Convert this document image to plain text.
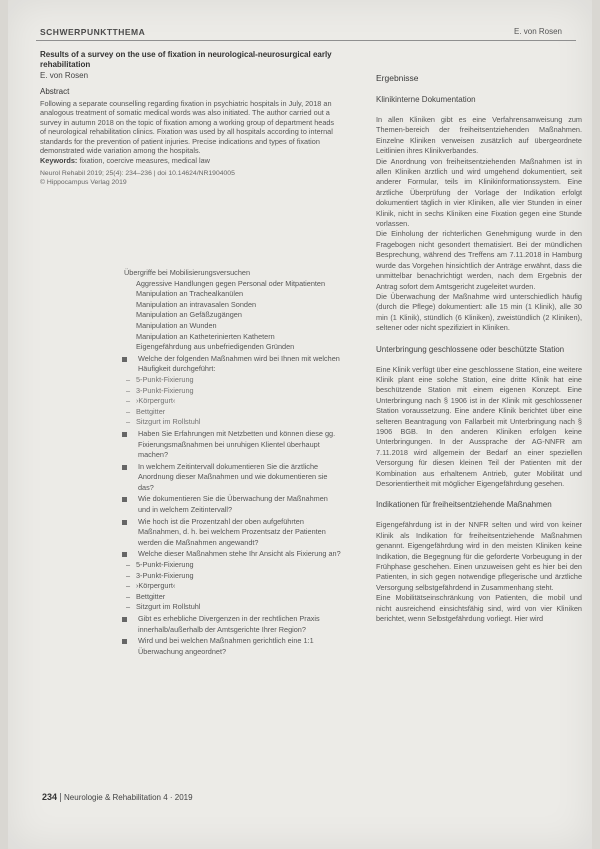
SCHWERPUNKTTHEMA	E. von Rosen
Results of a survey on the use of fixation in neurological-neurosurgical early rehabilitation
E. von Rosen
Abstract
Following a separate counselling regarding fixation in psychiatric hospitals in July, 2018 an analogous treatment of somatic medical words was also initiated. The author carried out a survey in autumn 2018 on the topic of fixation among a working group of department heads of neurological rehabilitation clinics. Fixation was used by all hospitals according to internal standards for the prevention of patient injuries. Precise indications and types of fixation demonstrated wide variation among the hospitals.
Keywords: fixation, coercive measures, medical law
Neurol Rehabil 2019; 25(4): 234–236 | doi 10.14624/NR1904005
© Hippocampus Verlag 2019
Übergriffe bei Mobilisierungsversuchen
Aggressive Handlungen gegen Personal oder Mitpatienten
Manipulation an Trachealkanülen
Manipulation an intravasalen Sonden
Manipulation an Gefäßzugängen
Manipulation an Wunden
Manipulation an Katheterinierten Kathetern
Eigengefährdung aus unbefriedigenden Gründen
Welche der folgenden Maßnahmen wird bei Ihnen mit welchen Häufigkeit durchgeführt:
– 5-Punkt-Fixierung
– 3-Punkt-Fixierung
– ›Körpergurt‹
– Bettgitter
– Sitzgurt im Rollstuhl
Haben Sie Erfahrungen mit Netzbetten und können diese gg. Fixierungsmaßnahmen bei unruhigen Klientel überhaupt machen?
In welchem Zeitintervall dokumentieren Sie die ärztliche Anordnung dieser Maßnahmen und wie dokumentieren sie das?
Wie dokumentieren Sie die Überwachung der Maßnahmen und in welchem Zeitintervall?
Wie hoch ist die Prozentzahl der oben aufgeführten Maßnahmen, d. h. bei welchem Prozentsatz der Patienten werden die Maßnahmen angewandt?
Welche dieser Maßnahmen stehe Ihr Ansicht als Fixierung an?
– 5-Punkt-Fixierung
– 3-Punkt-Fixierung
– ›Körpergurt‹
– Bettgitter
– Sitzgurt im Rollstuhl
Gibt es erhebliche Divergenzen in der rechtlichen Praxis innerhalb/außerhalb der Amtsgerichte Ihrer Region?
Wird und bei welchen Maßnahmen gerichtlich eine 1:1 Überwachung angeordnet?
Ergebnisse
Klinikinterne Dokumentation
In allen Kliniken gibt es eine Verfahrensanweisung zum Themen-bereich der freiheitsentziehenden Maßnahmen. Einzelne Kliniken verweisen zusätzlich auf übergeordnete Leitlinien ihres Klinikverbandes.
Die Anordnung von freiheitsentziehenden Maßnahmen ist in allen Kliniken ärztlich und wird umgehend dokumentiert, seit anderer Formular, teils im Klinikinformationssystem. Eine ärztliche Überprüfung der Vorlage der Indikation erfolgt dokumentiert täglich in vier Kliniken, alle vier Stunden in einer Klinik, nicht in sechs Kliniken eine Fixation gegen eine Stunde vorlassen.
Die Einholung der richterlichen Genehmigung wurde in den Fragebogen nicht gesondert thematisiert. Bei der mündlichen Besprechung, während des Treffens am 7.11.2018 in Hamburg wurde das Vorgehen hinsichtlich der Anträge erwähnt, dass die unmittelbar benachrichtigt werden, nach dem Ergebnis der Antrag sofort dem Amtsgericht zugeleitet wurden.
Die Überwachung der Maßnahme wird unterschiedlich häufig (durch die Pflege) dokumentiert: alle 15 min (1 Klinik), alle 30 min (1 Klinik), stündlich (6 Kliniken), zweistündlich (2 Kliniken), seltener oder nicht spezifiziert in Kliniken.
Unterbringung geschlossene oder beschützte Station
Eine Klinik verfügt über eine geschlossene Station, eine weitere Klinik plant eine solche Station, eine dritte Klinik hat eine beschützende Station mit einem eigenen Konzept. Eine Unterbringung nach § 1906 ist in der Klinik mit geschlossener Station voraussetzung. Eine andere Klinik berichtet über eine selteren Beantragung von Fallarbeit mit Unterbringung nach § 1906 BGB. In den anderen Kliniken erfolgen keine Unterbringungen. In der Aussprache der AG-NNFR am 7.11.2018 wird allgemein der Bedarf an einer speziellen Versorgung für diesen kleinen Teil der Patienten mit der Kombination aus erhaltenem Antrieb, guter Mobilität und Desorientiertheit mit möglicher Eigengefährdung gesehen.
Indikationen für freiheitsentziehende Maßnahmen
Eigengefährdung ist in der NNFR selten und wird von keiner Klinik als Indikation für freiheitsentziehende Maßnahmen genannt. Eigengefährdung wird in den meisten Kliniken keine Indikation, die Begegnung für die geforderte Vorbeugung in der Frühphase geschehen. Einen unzuweisen geht es hier bei den Patienten, in sich gegen notwendige pflegerische und ärztliche Versorgung selbstgefährdend in Zusammenhang steht.
Eine Mobilitätseinschränkung von Patienten, die mobil und nicht ausreichend einsichtsfähig sind, wird von vier Kliniken berichtet, wenn Selbstgefährdung vorliegt. Hier wird
234 Neurologie & Rehabilitation 4 · 2019
